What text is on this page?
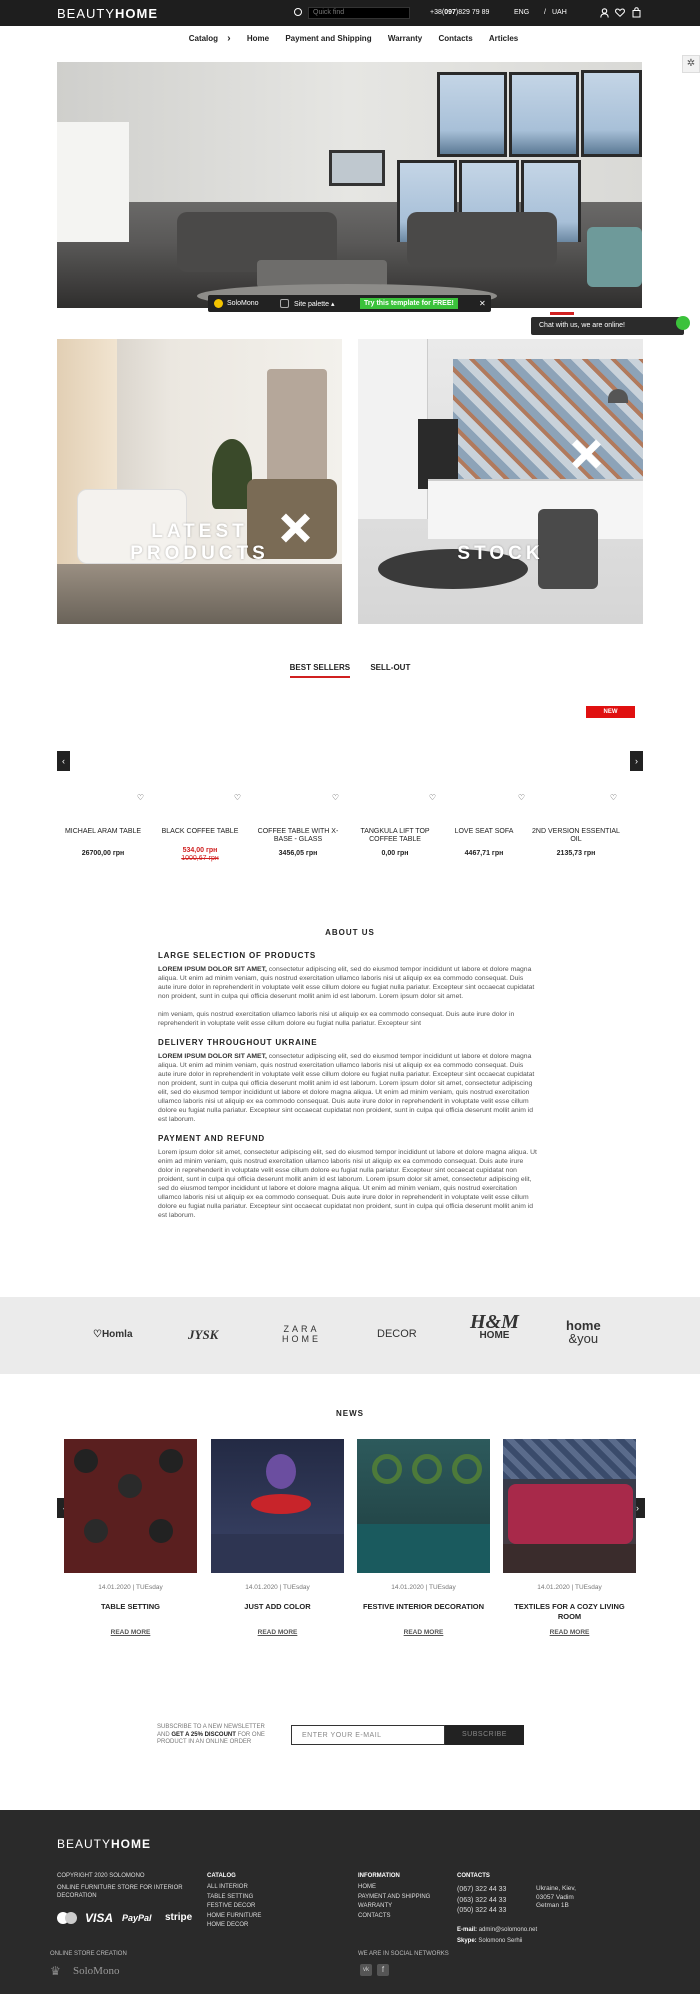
BEAUTYHOME	Quick find	+38(097)829 79 89	ENG / UAH
Catalog › Home Payment and Shipping Warranty Contacts Articles
✲
SoloMono	Site palette ▴	Try this template for FREE!	✕
Chat with us, we are online!
LATEST
PRODUCTS	STOCK
BEST SELLERS	SELL-OUT
NEW
‹	›
♡
MICHAEL ARAM TABLE
26700,00 грн
♡
BLACK COFFEE TABLE
534,00 грн
1000,67 грн
♡
COFFEE TABLE WITH X-BASE - GLASS
3456,05 грн
♡
TANGKULA LIFT TOP COFFEE TABLE
0,00 грн
♡
LOVE SEAT SOFA
4467,71 грн
♡
2ND VERSION ESSENTIAL OIL
2135,73 грн
ABOUT US
LARGE SELECTION OF PRODUCTS

LOREM IPSUM DOLOR SIT AMET, consectetur adipiscing elit, sed do eiusmod tempor incididunt ut labore et dolore magna aliqua. Ut enim ad minim veniam, quis nostrud exercitation ullamco laboris nisi ut aliquip ex ea commodo consequat. Duis aute irure dolor in reprehenderit in voluptate velit esse cillum dolore eu fugiat nulla pariatur. Excepteur sint occaecat cupidatat non proident, sunt in culpa qui officia deserunt mollit anim id est laborum. Lorem ipsum dolor sit amet.

nim veniam, quis nostrud exercitation ullamco laboris nisi ut aliquip ex ea commodo consequat. Duis aute irure dolor in reprehenderit in voluptate velit esse cillum dolore eu fugiat nulla pariatur. Excepteur sint

DELIVERY THROUGHOUT UKRAINE

LOREM IPSUM DOLOR SIT AMET, consectetur adipiscing elit, sed do eiusmod tempor incididunt ut labore et dolore magna aliqua. Ut enim ad minim veniam, quis nostrud exercitation ullamco laboris nisi ut aliquip ex ea commodo consequat. Duis aute irure dolor in reprehenderit in voluptate velit esse cillum dolore eu fugiat nulla pariatur. Excepteur sint occaecat cupidatat non proident, sunt in culpa qui officia deserunt mollit anim id est laborum. Lorem ipsum dolor sit amet, consectetur adipiscing elit, sed do eiusmod tempor incididunt ut labore et dolore magna aliqua. Ut enim ad minim veniam, quis nostrud exercitation ullamco laboris nisi ut aliquip ex ea commodo consequat. Duis aute irure dolor in reprehenderit in voluptate velit esse cillum dolore eu fugiat nulla pariatur. Excepteur sint occaecat cupidatat non proident, sunt in culpa qui officia deserunt mollit anim id est laborum.

PAYMENT AND REFUND

Lorem ipsum dolor sit amet, consectetur adipiscing elit, sed do eiusmod tempor incididunt ut labore et dolore magna aliqua. Ut enim ad minim veniam, quis nostrud exercitation ullamco laboris nisi ut aliquip ex ea commodo consequat. Duis aute irure dolor in reprehenderit in voluptate velit esse cillum dolore eu fugiat nulla pariatur. Excepteur sint occaecat cupidatat non proident, sunt in culpa qui officia deserunt mollit anim id est laborum. Lorem ipsum dolor sit amet, consectetur adipiscing elit, sed do eiusmod tempor incididunt ut labore et dolore magna aliqua. Ut enim ad minim veniam, quis nostrud exercitation ullamco laboris nisi ut aliquip ex ea commodo consequat. Duis aute irure dolor in reprehenderit in voluptate velit esse cillum dolore eu fugiat nulla pariatur. Excepteur sint occaecat cupidatat non proident, sunt in culpa qui officia deserunt mollit anim id est laborum.

♡Homla	JYSK	ZARA
HOME	DECOR
H&M
HOME
home
&you
NEWS
›
14.01.2020 | TUEsday
TABLE SETTING
READ MORE
14.01.2020 | TUEsday
JUST ADD COLOR
READ MORE
14.01.2020 | TUEsday
FESTIVE INTERIOR DECORATION
READ MORE
14.01.2020 | TUEsday
TEXTILES FOR A COZY LIVING ROOM
READ MORE
SUBSCRIBE TO A NEW NEWSLETTER
AND GET A 25% DISCOUNT FOR ONE
PRODUCT IN AN ONLINE ORDER
ENTER YOUR E-MAIL	SUBSCRIBE
BEAUTYHOME
COPYRIGHT 2020 SOLOMONO
ONLINE FURNITURE STORE FOR INTERIOR
DECORATION
VISA PayPal stripe
ONLINE STORE CREATION
♛ SoloMono
CATALOG
ALL INTERIOR
TABLE SETTING
FESTIVE DECOR
HOME FURNITURE
HOME DECOR
INFORMATION
HOME
PAYMENT AND SHIPPING
WARRANTY
CONTACTS
WE ARE IN SOCIAL NETWORKS
vk	f
CONTACTS
(067) 322 44 33
(063) 322 44 33
(050) 322 44 33
Ukraine, Kiev,
03057 Vadim
Getman 1B
E-mail: admin@solomono.net
Skype: Solomono Serhii
